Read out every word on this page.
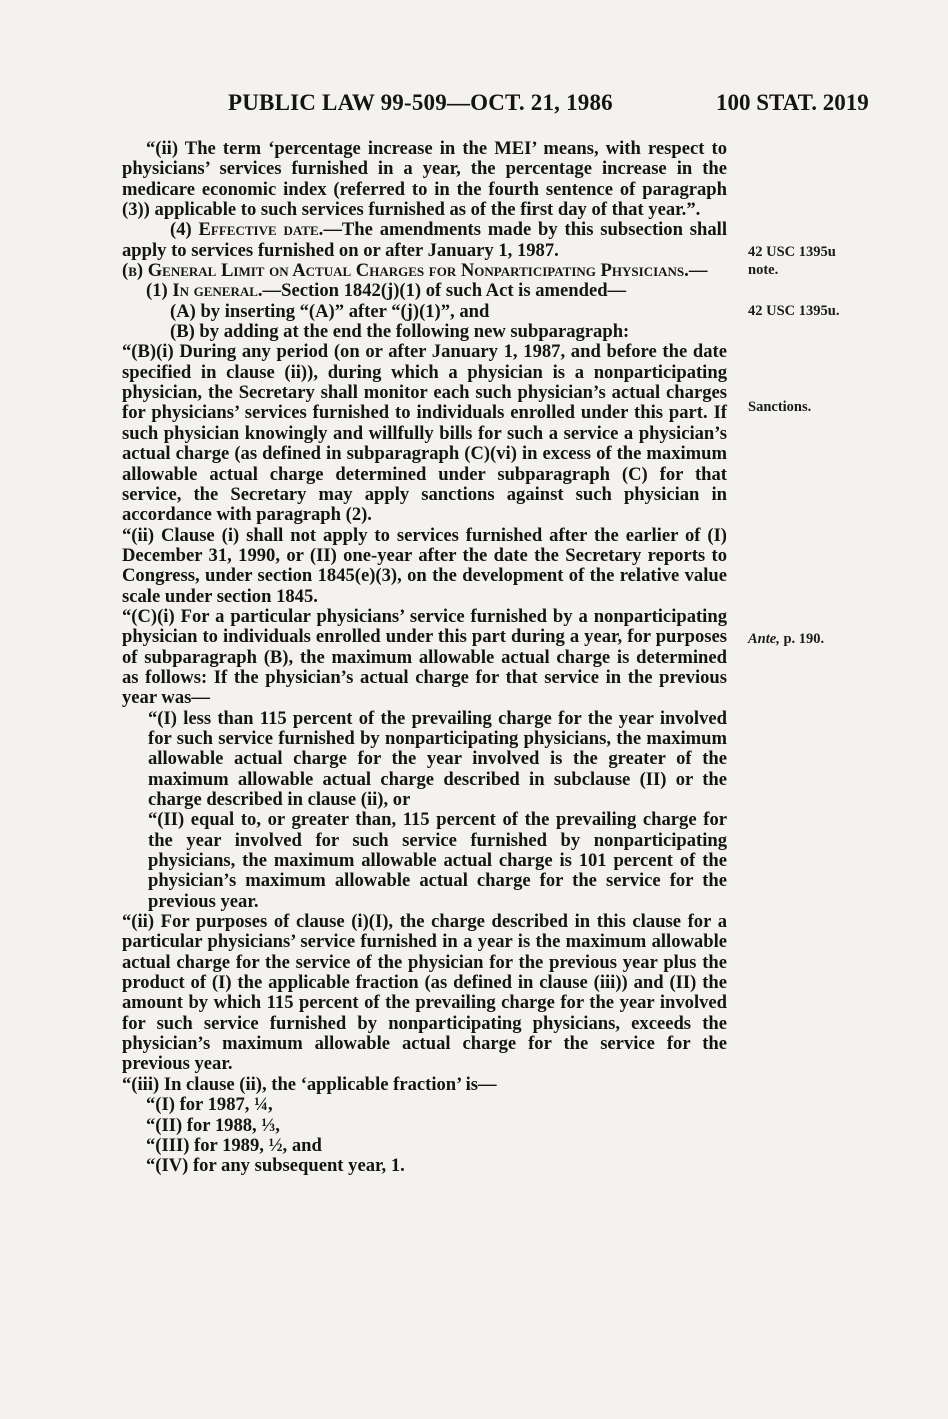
PUBLIC LAW 99-509—OCT. 21, 1986	100 STAT. 2019

“(ii) The term ‘percentage increase in the MEI’ means, with respect to physicians’ services furnished in a year, the percentage increase in the medicare economic index (referred to in the fourth sentence of paragraph (3)) applicable to such services furnished as of the first day of that year.”.

(4) Effective date.—The amendments made by this subsection shall apply to services furnished on or after January 1, 1987.

(b) General Limit on Actual Charges for Nonparticipating Physicians.—

(1) In general.—Section 1842(j)(1) of such Act is amended—

(A) by inserting “(A)” after “(j)(1)”, and

(B) by adding at the end the following new subparagraph:

“(B)(i) During any period (on or after January 1, 1987, and before the date specified in clause (ii)), during which a physician is a nonparticipating physician, the Secretary shall monitor each such physician’s actual charges for physicians’ services furnished to individuals enrolled under this part. If such physician knowingly and willfully bills for such a service a physician’s actual charge (as defined in subparagraph (C)(vi) in excess of the maximum allowable actual charge determined under subparagraph (C) for that service, the Secretary may apply sanctions against such physician in accordance with paragraph (2).

“(ii) Clause (i) shall not apply to services furnished after the earlier of (I) December 31, 1990, or (II) one-year after the date the Secretary reports to Congress, under section 1845(e)(3), on the development of the relative value scale under section 1845.

“(C)(i) For a particular physicians’ service furnished by a nonparticipating physician to individuals enrolled under this part during a year, for purposes of subparagraph (B), the maximum allowable actual charge is determined as follows: If the physician’s actual charge for that service in the previous year was—

“(I) less than 115 percent of the prevailing charge for the year involved for such service furnished by nonparticipating physicians, the maximum allowable actual charge for the year involved is the greater of the maximum allowable actual charge described in subclause (II) or the charge described in clause (ii), or

“(II) equal to, or greater than, 115 percent of the prevailing charge for the year involved for such service furnished by nonparticipating physicians, the maximum allowable actual charge is 101 percent of the physician’s maximum allowable actual charge for the service for the previous year.

“(ii) For purposes of clause (i)(I), the charge described in this clause for a particular physicians’ service furnished in a year is the maximum allowable actual charge for the service of the physician for the previous year plus the product of (I) the applicable fraction (as defined in clause (iii)) and (II) the amount by which 115 percent of the prevailing charge for the year involved for such service furnished by nonparticipating physicians, exceeds the physician’s maximum allowable actual charge for the service for the previous year.

“(iii) In clause (ii), the ‘applicable fraction’ is—

“(I) for 1987, ¼,

“(II) for 1988, ⅓,

“(III) for 1989, ½, and

“(IV) for any subsequent year, 1.

42 USC 1395u
note.
42 USC 1395u.
Sanctions.
Ante, p. 190.
